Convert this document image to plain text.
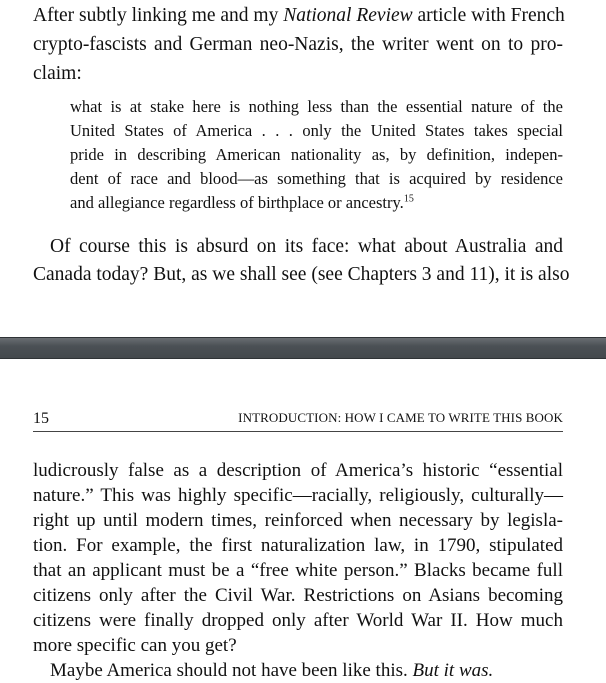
After subtly linking me and my National Review article with French
crypto-fascists and German neo-Nazis, the writer went on to pro-
claim:
what is at stake here is nothing less than the essential nature of the
United States of America . . . only the United States takes special
pride in describing American nationality as, by definition, indepen-
dent of race and blood—as something that is acquired by residence
and allegiance regardless of birthplace or ancestry.$^{15}$
Of course this is absurd on its face: what about Australia and
Canada today? But, as we shall see (see Chapters 3 and 11), it is also
15	INTRODUCTION: HOW I CAME TO WRITE THIS BOOK
ludicrously false as a description of America’s historic “essential
nature.” This was highly specific—racially, religiously, culturally—
right up until modern times, reinforced when necessary by legisla-
tion. For example, the first naturalization law, in 1790, stipulated
that an applicant must be a “free white person.” Blacks became full
citizens only after the Civil War. Restrictions on Asians becoming
citizens were finally dropped only after World War II. How much
more specific can you get?
Maybe America should not have been like this. But it was.
